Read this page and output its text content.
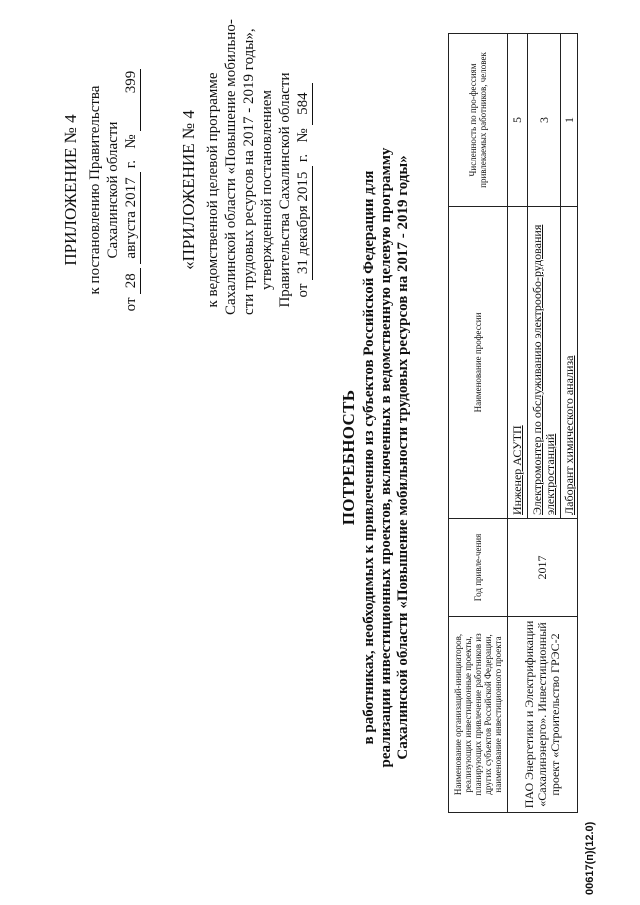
ПРИЛОЖЕНИЕ № 4 к постановлению Правительства Сахалинской области
от 28 августа 2017 г.   № 399
«ПРИЛОЖЕНИЕ № 4 к ведомственной целевой программе Сахалинской области «Повышение мобильно- сти трудовых ресурсов на 2017 - 2019 годы», утвержденной постановлением Правительства Сахалинской области от 31 декабря 2015 г.   № 584
ПОТРЕБНОСТЬ в работниках, необходимых к привлечению из субъектов Российской Федерации для реализации инвестиционных проектов, включенных в ведомственную целевую программу Сахалинской области «Повышение мобильности трудовых ресурсов на 2017 - 2019 годы»	Наименование организаций-инициаторов, реализующих инвестиционные проекты, планирующих привлечение работников из других субъектов Российской Федерации, наименование инвестиционного проекта	Год привле-чения	Наименование профессии	Численность по про-фессиям привлекаемых работников, человек
ПАО Энергетики и Электрификации «Сахалинэнерго». Инвестиционный проект «Строительство ГРЭС-2	2017	Инженер АСУТП	5
		Электромонтер по обслуживанию электрообо-рудования электростанций	3
		Лаборант химического анализа	1
00617(п)(12.0)
